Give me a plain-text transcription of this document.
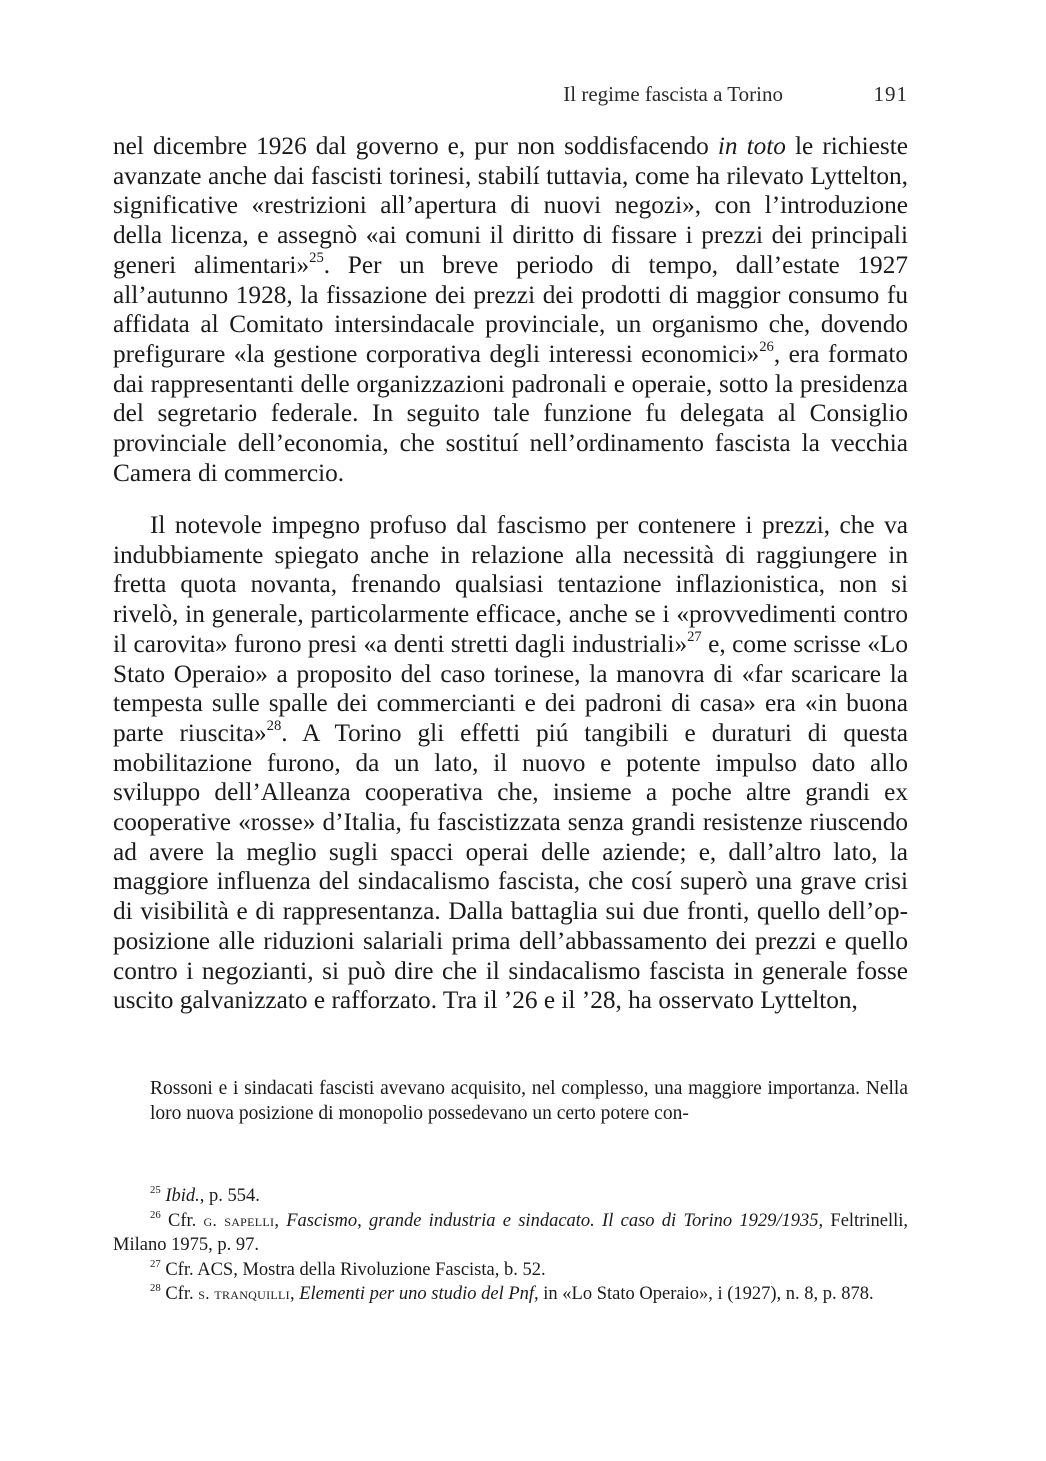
Il regime fascista a Torino	191

nel dicembre 1926 dal governo e, pur non soddisfacendo in toto le richieste avanzate anche dai fascisti torinesi, stabilí tuttavia, come ha rilevato Lyttelton, significative «restrizioni all’apertura di nuovi negozi», con l’introduzione della licenza, e assegnò «ai comuni il diritto di fissare i prezzi dei principali generi alimentari»$^{25}$. Per un breve periodo di tempo, dall’estate 1927 all’autunno 1928, la fissazione dei prezzi dei prodotti di maggior consumo fu affidata al Comitato intersindacale provinciale, un organismo che, dovendo prefigurare «la gestione corporativa degli interessi economici»$^{26}$, era formato dai rappresentanti delle organizzazioni padronali e operaie, sotto la presidenza del segretario federale. In seguito tale funzione fu delegata al Consiglio provinciale dell’economia, che sostituí nell’ordinamento fascista la vecchia Camera di commercio.

Il notevole impegno profuso dal fascismo per contenere i prezzi, che va indubbiamente spiegato anche in relazione alla necessità di raggiungere in fretta quota novanta, frenando qualsiasi tentazione inflazionistica, non si rivelò, in generale, particolarmente efficace, anche se i «provvedimenti contro il carovita» furono presi «a denti stretti dagli industriali»$^{27}$ e, come scrisse «Lo Stato Operaio» a proposito del caso torinese, la manovra di «far scaricare la tempesta sulle spalle dei commercianti e dei padroni di casa» era «in buona parte riuscita»$^{28}$. A Torino gli effetti piú tangibili e duraturi di questa mobilitazione furono, da un lato, il nuovo e potente impulso dato allo sviluppo dell’Alleanza cooperativa che, insieme a poche altre grandi ex cooperative «rosse» d’Italia, fu fascistizzata senza grandi resistenze riuscendo ad avere la meglio sugli spacci operai delle aziende; e, dall’altro lato, la maggiore influenza del sindacalismo fascista, che cosí superò una grave crisi di visibilità e di rappresentanza. Dalla battaglia sui due fronti, quello dell’opposizione alle riduzioni salariali prima dell’abbassamento dei prezzi e quello contro i negozianti, si può dire che il sindacalismo fascista in generale fosse uscito galvanizzato e rafforzato. Tra il ’26 e il ’28, ha osservato Lyttelton,

Rossoni e i sindacati fascisti avevano acquisito, nel complesso, una maggiore importanza. Nella loro nuova posizione di monopolio possedevano un certo potere con-

$^{25}$ Ibid., p. 554.

$^{26}$ Cfr. g. sapelli, Fascismo, grande industria e sindacato. Il caso di Torino 1929/1935, Feltrinelli, Milano 1975, p. 97.

$^{27}$ Cfr. ACS, Mostra della Rivoluzione Fascista, b. 52.

$^{28}$ Cfr. s. tranquilli, Elementi per uno studio del Pnf, in «Lo Stato Operaio», i (1927), n. 8, p. 878.
